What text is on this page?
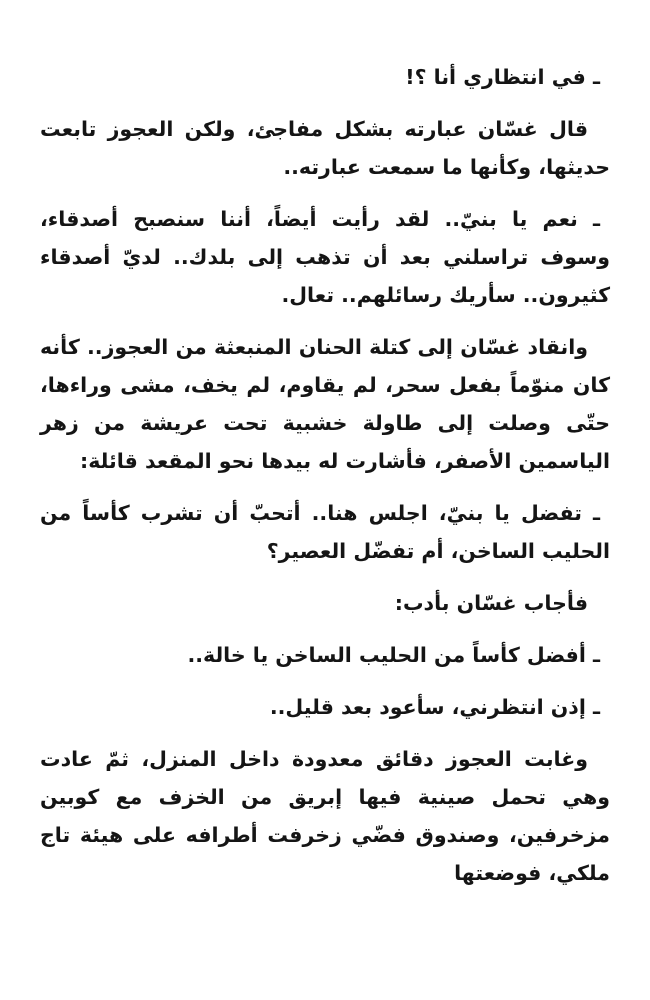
ـ في انتظاري أنا ؟!

قال غسّان عبارته بشكل مفاجئ، ولكن العجوز تابعت حديثها، وكأنها ما سمعت عبارته..

ـ نعم يا بنيّ.. لقد رأيت أيضاً، أننا سنصبح أصدقاء، وسوف تراسلني بعد أن تذهب إلى بلدك.. لديّ أصدقاء كثيرون.. سأريك رسائلهم.. تعال.

وانقاد غسّان إلى كتلة الحنان المنبعثة من العجوز.. كأنه كان منوّماً بفعل سحر، لم يقاوم، لم يخف، مشى وراءها، حتّى وصلت إلى طاولة خشبية تحت عريشة من زهر الياسمين الأصفر، فأشارت له بيدها نحو المقعد قائلة:

ـ تفضل يا بنيّ، اجلس هنا.. أتحبّ أن تشرب كأساً من الحليب الساخن، أم تفضّل العصير؟

فأجاب غسّان بأدب:

ـ أفضل كأساً من الحليب الساخن يا خالة..

ـ إذن انتظرني، سأعود بعد قليل..

وغابت العجوز دقائق معدودة داخل المنزل، ثمّ عادت وهي تحمل صينية فيها إبريق من الخزف مع كوبين مزخرفين، وصندوق فضّي زخرفت أطرافه على هيئة تاج ملكي، فوضعتها
